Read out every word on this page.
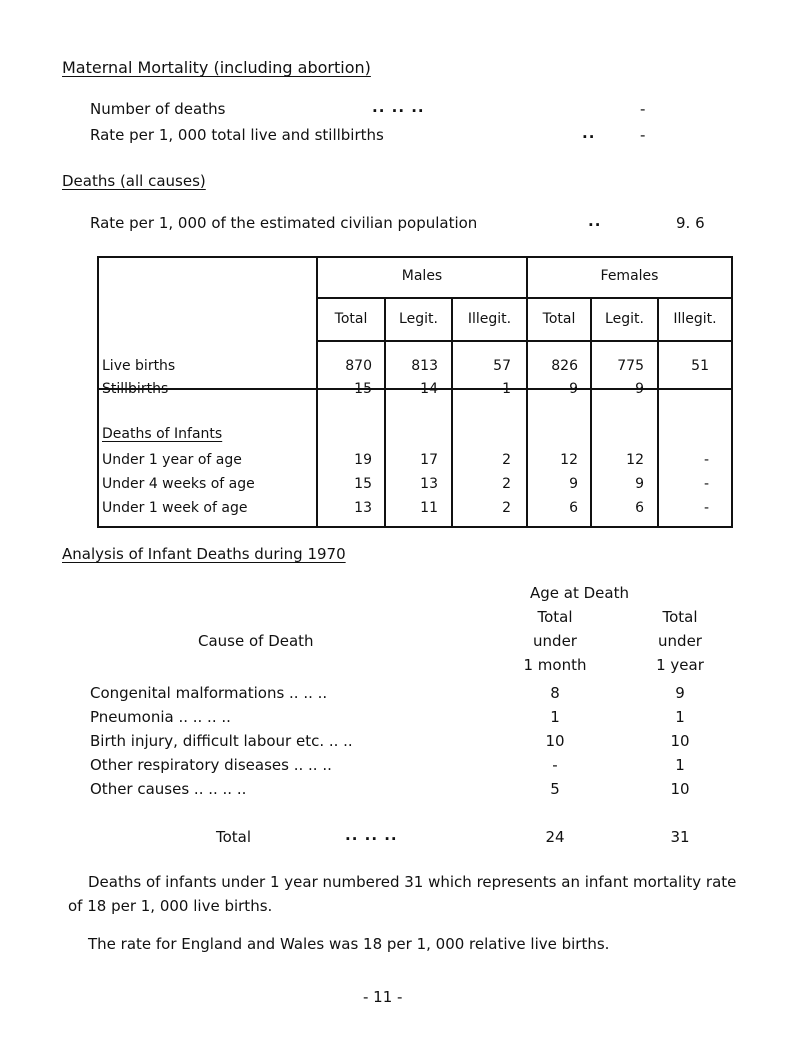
Maternal Mortality (including abortion)
Number of deaths	.. .. ..	-
Rate per 1, 000 total live and stillbirths	..	-
Deaths (all causes)
Rate per 1, 000 of the estimated civilian population	..	9. 6
Males	Females
Total	Legit.	Illegit.	Total	Legit.	Illegit.
Live births	870	813	57	826	775	51
Stillbirths	15	14	1	9	9	-
Deaths of Infants
Under 1 year of age	19	17	2	12	12	-
Under 4 weeks of age	15	13	2	9	9	-
Under 1 week of age	13	11	2	6	6	-
Analysis of Infant Deaths during 1970
Age at Death
Total
under
1 month
Total
under
1 year
Cause of Death
Congenital malformations .. .. ..	8	9
Pneumonia .. .. .. ..	1	1
Birth injury, difficult labour etc. .. ..	10	10
Other respiratory diseases .. .. ..	-	1
Other causes .. .. .. ..	5	10
Total	.. .. ..	24	31
Deaths of infants under 1 year numbered 31 which represents an infant mortality rate of 18 per 1, 000 live births.
The rate for England and Wales was 18 per 1, 000 relative live births.
- 11 -
